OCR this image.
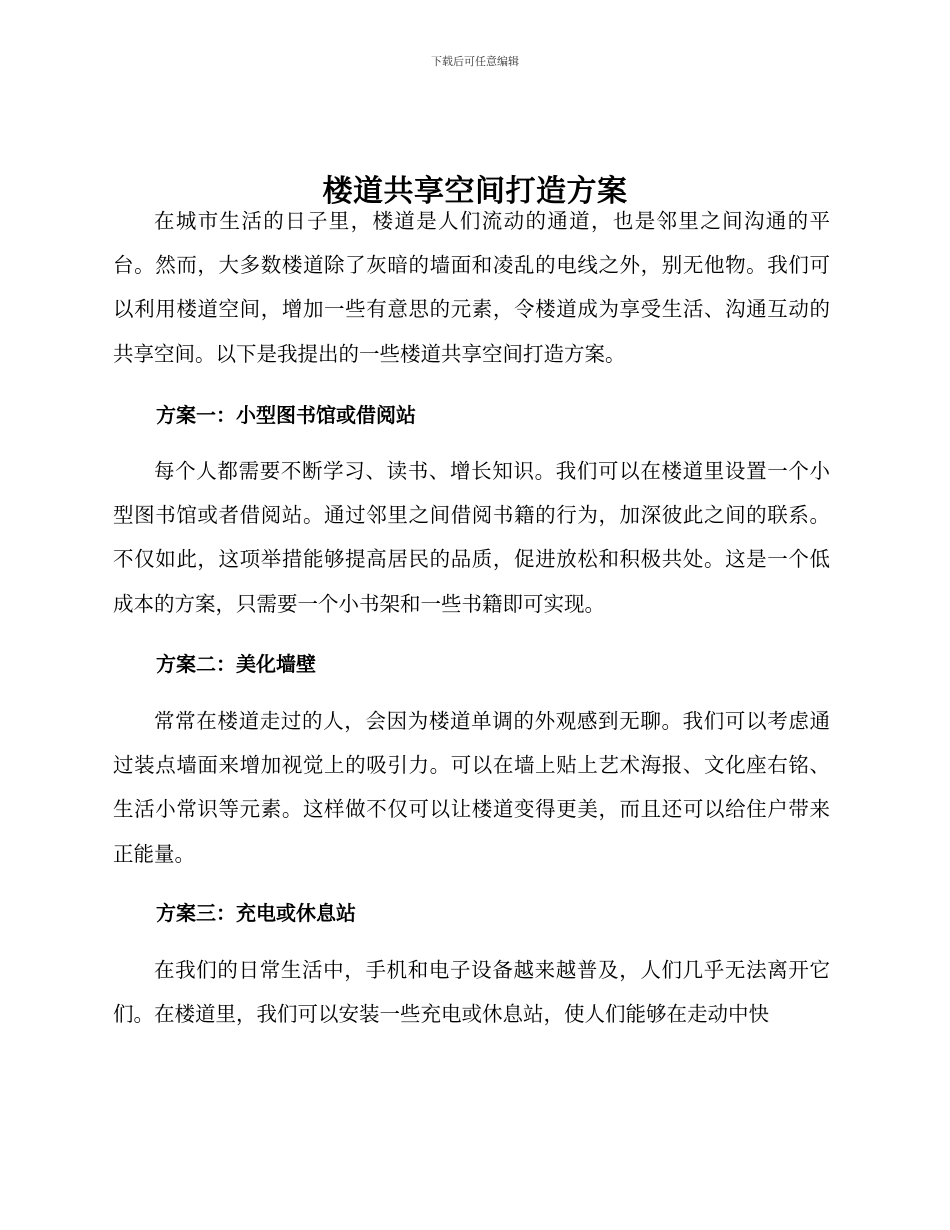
下载后可任意编辑
楼道共享空间打造方案

在城市生活的日子里，楼道是人们流动的通道，也是邻里之间沟通的平台。然而，大多数楼道除了灰暗的墙面和凌乱的电线之外，别无他物。我们可以利用楼道空间，增加一些有意思的元素，令楼道成为享受生活、沟通互动的共享空间。以下是我提出的一些楼道共享空间打造方案。

方案一：小型图书馆或借阅站

每个人都需要不断学习、读书、增长知识。我们可以在楼道里设置一个小型图书馆或者借阅站。通过邻里之间借阅书籍的行为，加深彼此之间的联系。不仅如此，这项举措能够提高居民的品质，促进放松和积极共处。这是一个低成本的方案，只需要一个小书架和一些书籍即可实现。

方案二：美化墙壁

常常在楼道走过的人，会因为楼道单调的外观感到无聊。我们可以考虑通过装点墙面来增加视觉上的吸引力。可以在墙上贴上艺术海报、文化座右铭、生活小常识等元素。这样做不仅可以让楼道变得更美，而且还可以给住户带来正能量。

方案三：充电或休息站

在我们的日常生活中，手机和电子设备越来越普及，人们几乎无法离开它们。在楼道里，我们可以安装一些充电或休息站，使人们能够在走动中快
